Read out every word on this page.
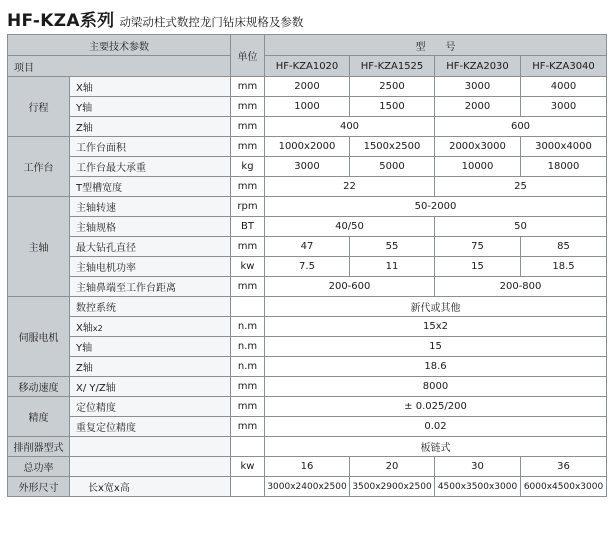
HF-KZA系列 动梁动柱式数控龙门钻床规格及参数
主要技术参数		单位	型　　号			
项目			HF-KZA1020	HF-KZA1525	HF-KZA2030	HF-KZA3040
行程	X轴	mm	2000	2500	3000	4000
	Y轴	mm	1000	1500	2000	3000
	Z轴	mm	400		600	
工作台	工作台面积	mm	1000x2000	1500x2500	2000x3000	3000x4000
	工作台最大承重	kg	3000	5000	10000	18000
	T型槽宽度	mm	22		25	
主轴	主轴转速	rpm	50-2000			
	主轴规格	BT	40/50		50	
	最大钻孔直径	mm	47	55	75	85
	主轴电机功率	kw	7.5	11	15	18.5
	主轴鼻端至工作台距离	mm	200-600		200-800	
伺服电机	数控系统		新代或其他			
	X轴x2	n.m	15x2			
	Y轴	n.m	15			
	Z轴	n.m	18.6			
移动速度	X/ Y/Z轴	mm	8000			
精度	定位精度	mm	± 0.025/200			
	重复定位精度	mm	0.02			
排削器型式			板链式			
总功率		kw	16	20	30	36
外形尺寸	长x宽x高		3000x2400x2500	3500x2900x2500	4500x3500x3000	6000x4500x3000
